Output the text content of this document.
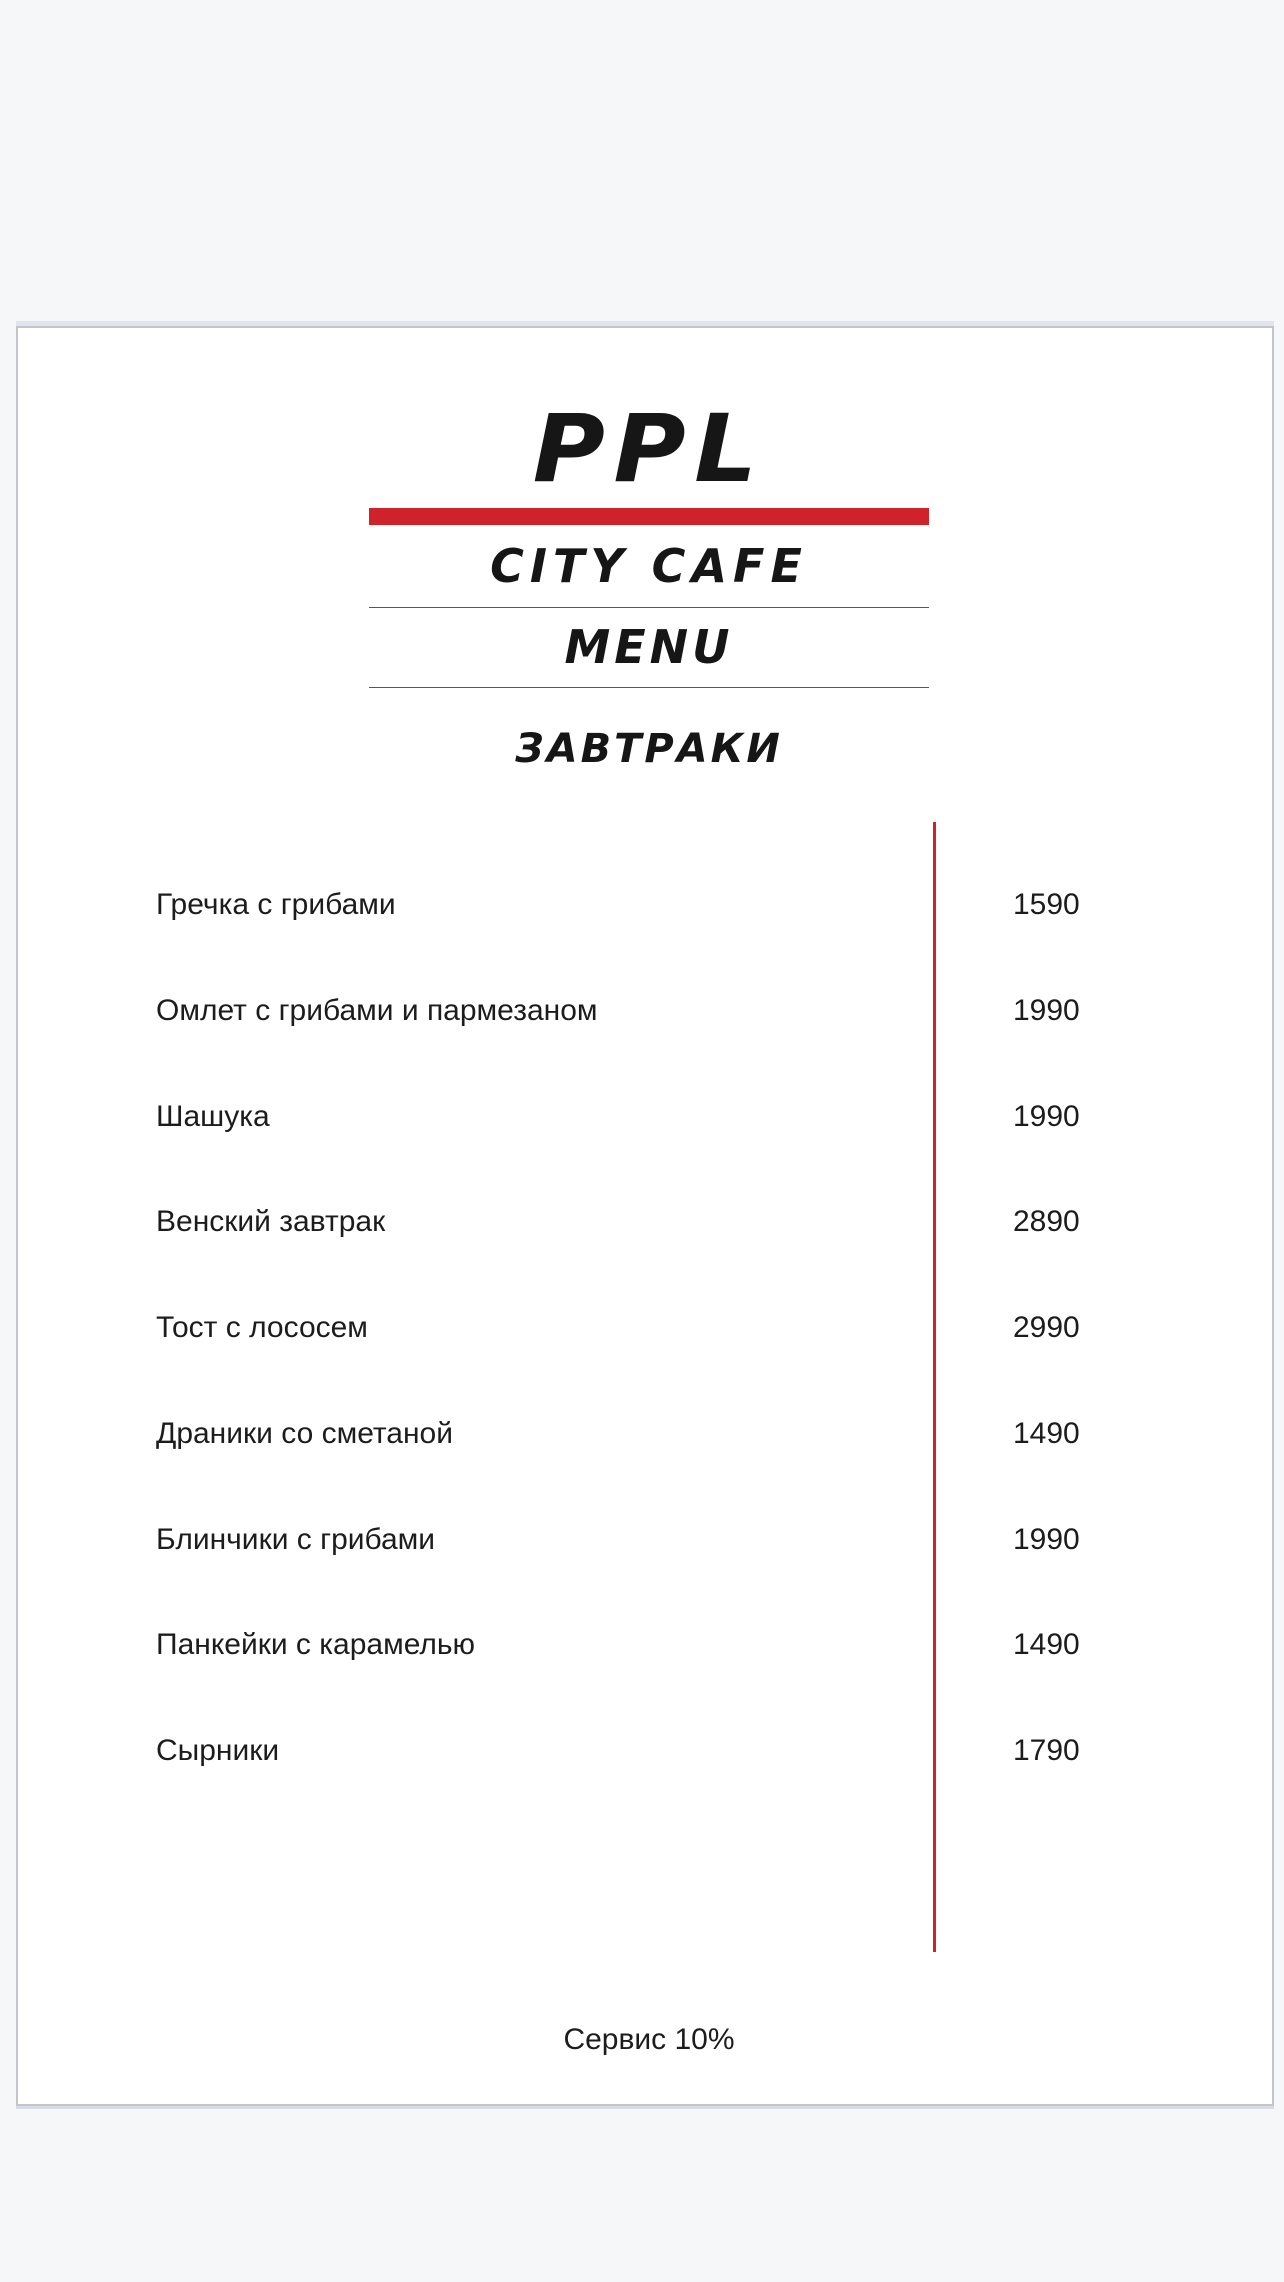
PPL
CITY CAFE
MENU
ЗАВТРАКИ
Гречка с грибами	1590
Омлет с грибами и пармезаном	1990
Шашука	1990
Венский завтрак	2890
Тост с лососем	2990
Драники со сметаной	1490
Блинчики с грибами	1990
Панкейки с карамелью	1490
Сырники	1790
Сервис 10%
